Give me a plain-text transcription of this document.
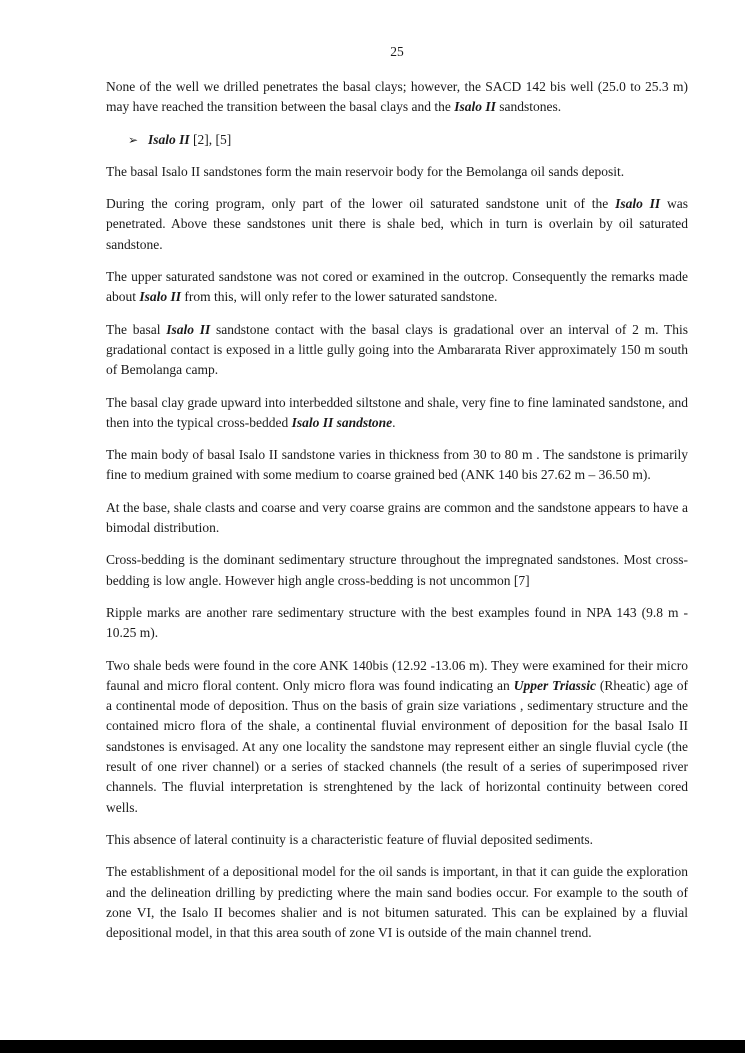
25

None of the well we drilled penetrates the basal clays; however, the SACD 142 bis well (25.0 to 25.3 m) may have reached the transition between the basal clays and the Isalo II sandstones.

➢ Isalo II [2], [5]

The basal Isalo II sandstones form the main reservoir body for the Bemolanga oil sands deposit.

During the coring program, only part of the lower oil saturated sandstone unit of the Isalo II was penetrated. Above these sandstones unit there is shale bed, which in turn is overlain by oil saturated sandstone.

The upper saturated sandstone was not cored or examined in the outcrop. Consequently the remarks made about Isalo II from this, will only refer to the lower saturated sandstone.

The basal Isalo II sandstone contact with the basal clays is gradational over an interval of 2 m. This gradational contact is exposed in a little gully going into the Ambararata River approximately 150 m south of Bemolanga camp.

The basal clay grade upward into interbedded siltstone and shale, very fine to fine laminated sandstone, and then into the typical cross-bedded Isalo II sandstone.

The main body of basal Isalo II sandstone varies in thickness from 30 to 80 m . The sandstone is primarily fine to medium grained with some medium to coarse grained bed (ANK 140 bis 27.62 m – 36.50 m).

At the base, shale clasts and coarse and very coarse grains are common and the sandstone appears to have a bimodal distribution.

Cross-bedding is the dominant sedimentary structure throughout the impregnated sandstones. Most cross-bedding is low angle. However high angle cross-bedding is not uncommon [7]

Ripple marks are another rare sedimentary structure with the best examples found in NPA 143 (9.8 m - 10.25 m).

Two shale beds were found in the core ANK 140bis (12.92 -13.06 m). They were examined for their micro faunal and micro floral content. Only micro flora was found indicating an Upper Triassic (Rheatic) age of a continental mode of deposition. Thus on the basis of grain size variations , sedimentary structure and the contained micro flora of the shale, a continental fluvial environment of deposition for the basal Isalo II sandstones is envisaged. At any one locality the sandstone may represent either an single fluvial cycle (the result of one river channel) or a series of stacked channels (the result of a series of superimposed river channels. The fluvial interpretation is strenghtened by the lack of horizontal continuity between cored wells.

This absence of lateral continuity is a characteristic feature of fluvial deposited sediments.

The establishment of a depositional model for the oil sands is important, in that it can guide the exploration and the delineation drilling by predicting where the main sand bodies occur. For example to the south of zone VI, the Isalo II becomes shalier and is not bitumen saturated. This can be explained by a fluvial depositional model, in that this area south of zone VI is outside of the main channel trend.
